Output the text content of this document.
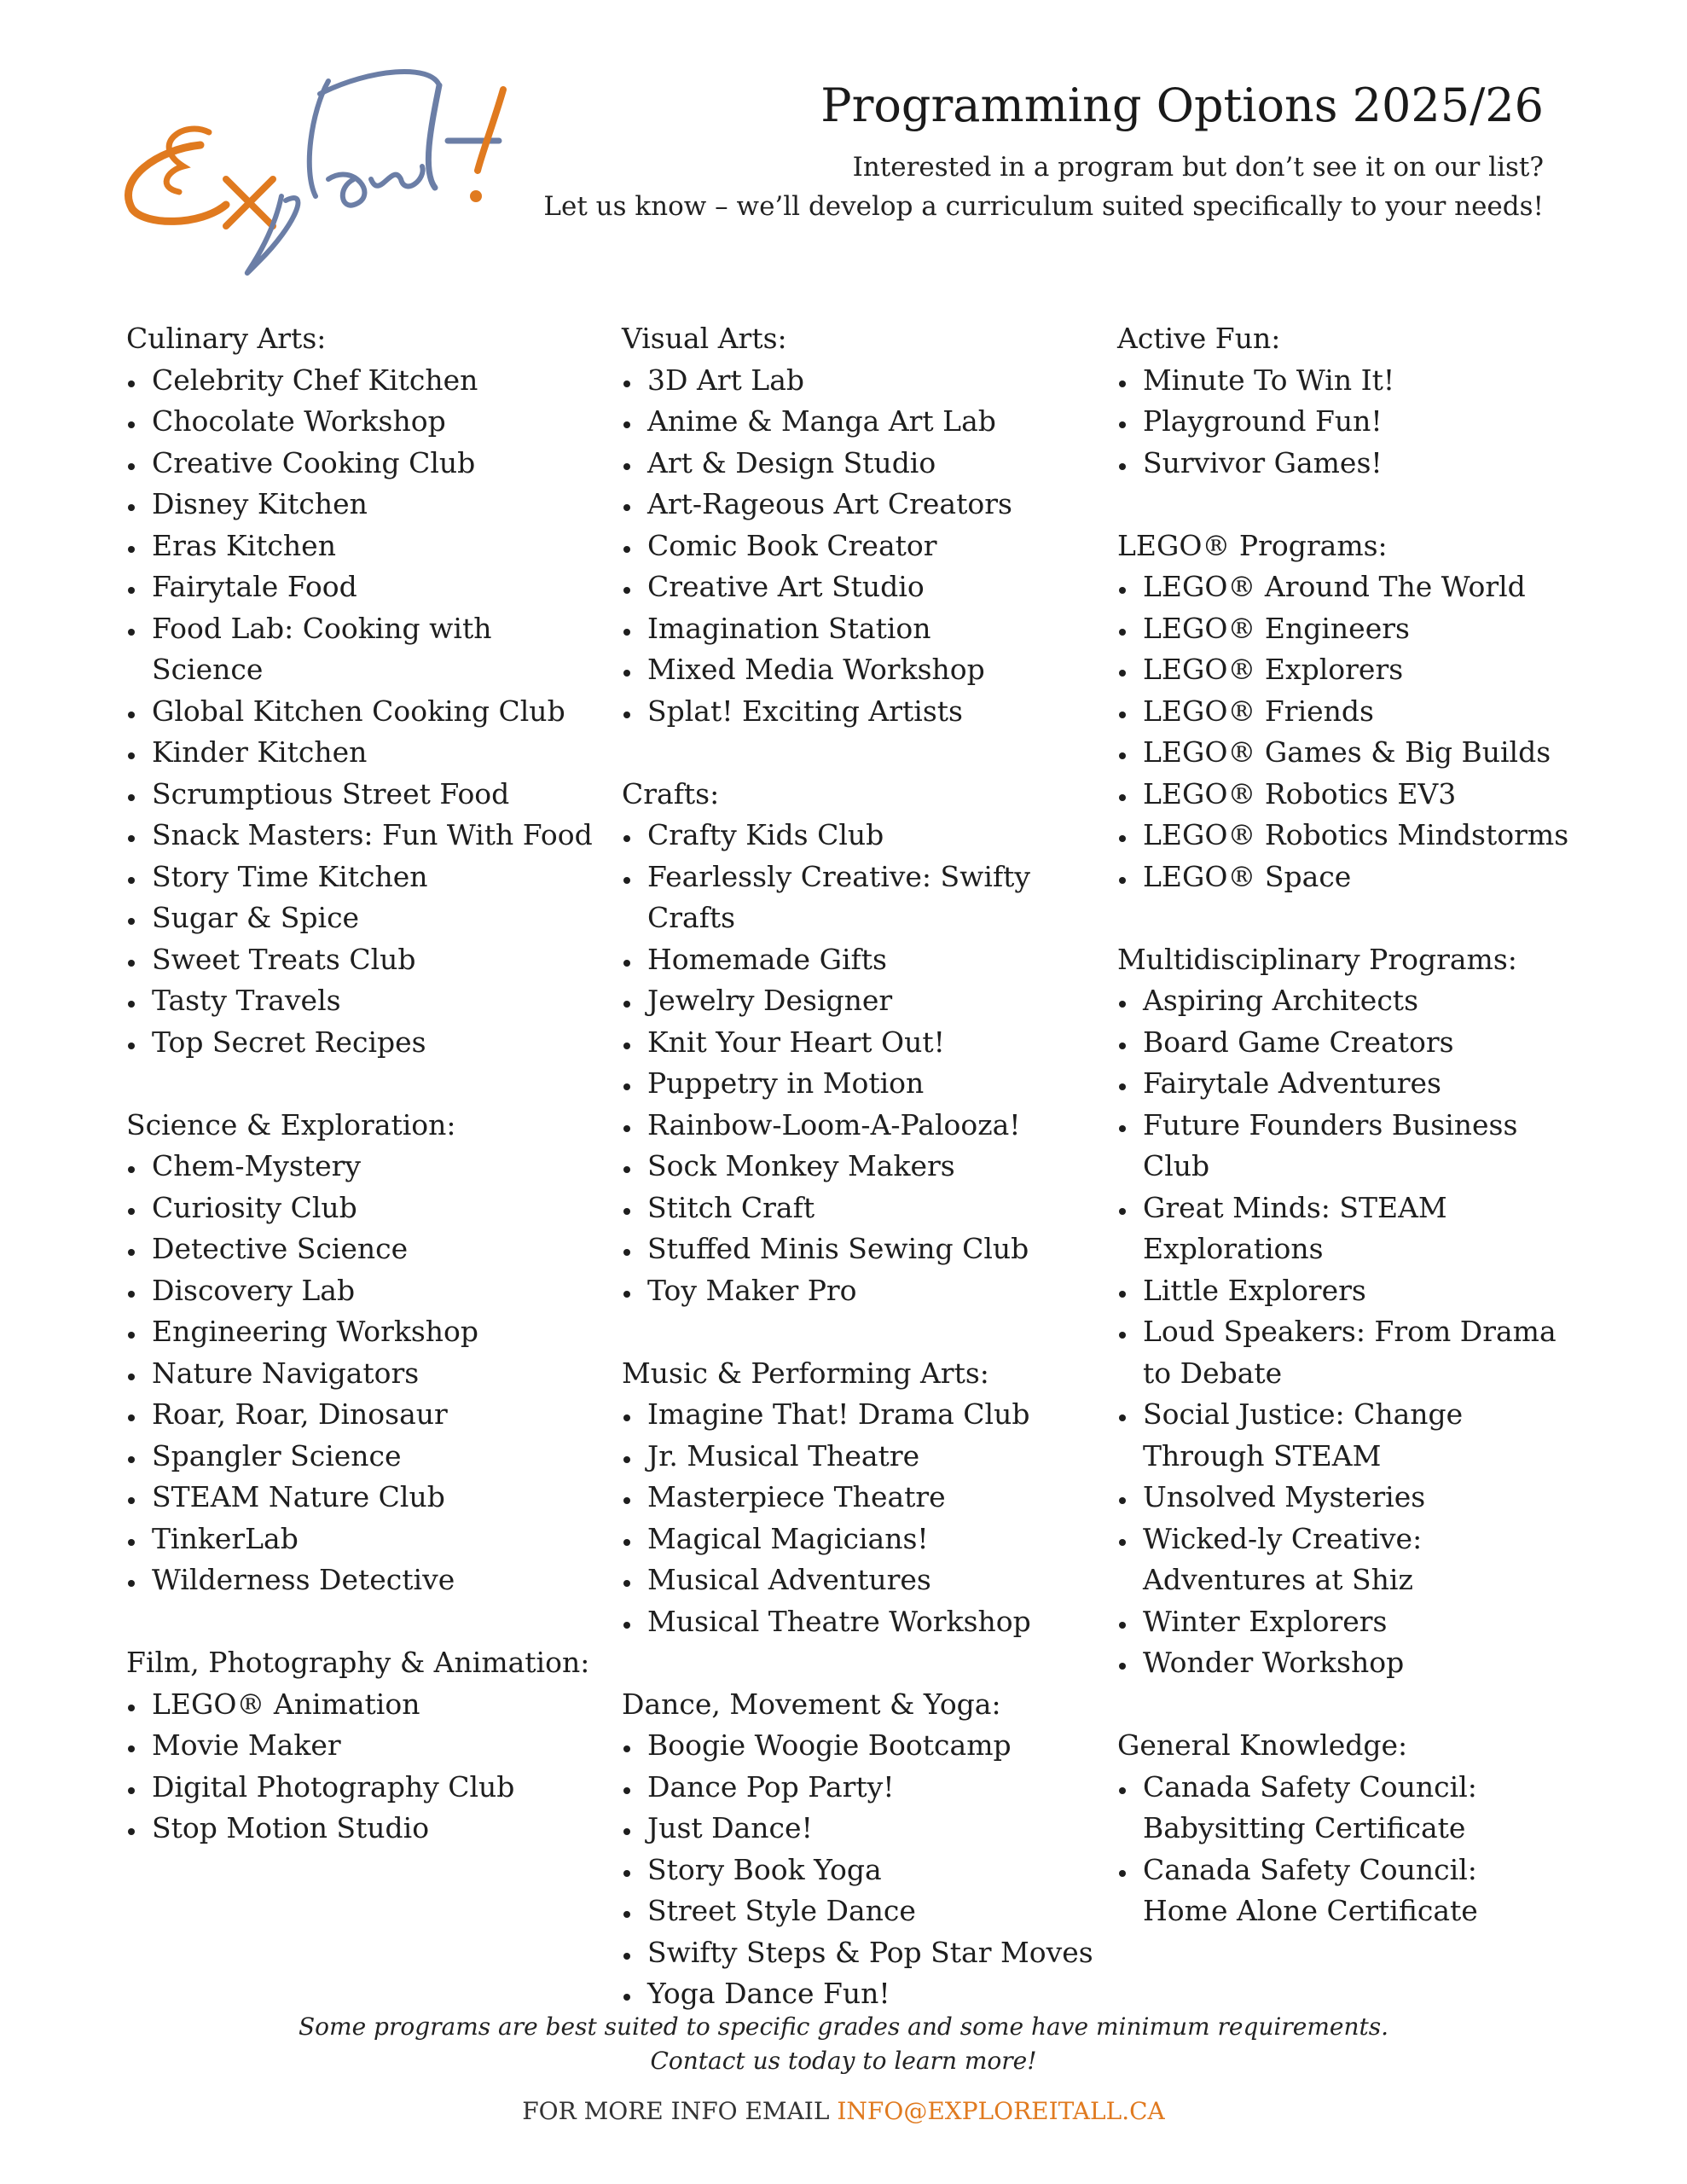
Programming Options 2025/26
Interested in a program but don’t see it on our list?
Let us know – we’ll develop a curriculum suited specifically to your needs!
Culinary Arts:
Celebrity Chef Kitchen
Chocolate Workshop
Creative Cooking Club
Disney Kitchen
Eras Kitchen
Fairytale Food
Food Lab: Cooking with Science
Global Kitchen Cooking Club
Kinder Kitchen
Scrumptious Street Food
Snack Masters: Fun With Food
Story Time Kitchen
Sugar & Spice
Sweet Treats Club
Tasty Travels
Top Secret Recipes
Science & Exploration:
Chem-Mystery
Curiosity Club
Detective Science
Discovery Lab
Engineering Workshop
Nature Navigators
Roar, Roar, Dinosaur
Spangler Science
STEAM Nature Club
TinkerLab
Wilderness Detective
Film, Photography & Animation:
LEGO® Animation
Movie Maker
Digital Photography Club
Stop Motion Studio
Visual Arts:
3D Art Lab
Anime & Manga Art Lab
Art & Design Studio
Art-Rageous Art Creators
Comic Book Creator
Creative Art Studio
Imagination Station
Mixed Media Workshop
Splat! Exciting Artists
Crafts:
Crafty Kids Club
Fearlessly Creative: Swifty Crafts
Homemade Gifts
Jewelry Designer
Knit Your Heart Out!
Puppetry in Motion
Rainbow-Loom-A-Palooza!
Sock Monkey Makers
Stitch Craft
Stuffed Minis Sewing Club
Toy Maker Pro
Music & Performing Arts:
Imagine That! Drama Club
Jr. Musical Theatre
Masterpiece Theatre
Magical Magicians!
Musical Adventures
Musical Theatre Workshop
Dance, Movement & Yoga:
Boogie Woogie Bootcamp
Dance Pop Party!
Just Dance!
Story Book Yoga
Street Style Dance
Swifty Steps & Pop Star Moves
Yoga Dance Fun!
Active Fun:
Minute To Win It!
Playground Fun!
Survivor Games!
LEGO® Programs:
LEGO® Around The World
LEGO® Engineers
LEGO® Explorers
LEGO® Friends
LEGO® Games & Big Builds
LEGO® Robotics EV3
LEGO® Robotics Mindstorms
LEGO® Space
Multidisciplinary Programs:
Aspiring Architects
Board Game Creators
Fairytale Adventures
Future Founders Business Club
Great Minds: STEAM Explorations
Little Explorers
Loud Speakers: From Drama to Debate
Social Justice: Change Through STEAM
Unsolved Mysteries
Wicked-ly Creative: Adventures at Shiz
Winter Explorers
Wonder Workshop
General Knowledge:
Canada Safety Council: Babysitting Certificate
Canada Safety Council: Home Alone Certificate
Some programs are best suited to specific grades and some have minimum requirements.
Contact us today to learn more!
FOR MORE INFO EMAIL INFO@EXPLOREITALL.CA
